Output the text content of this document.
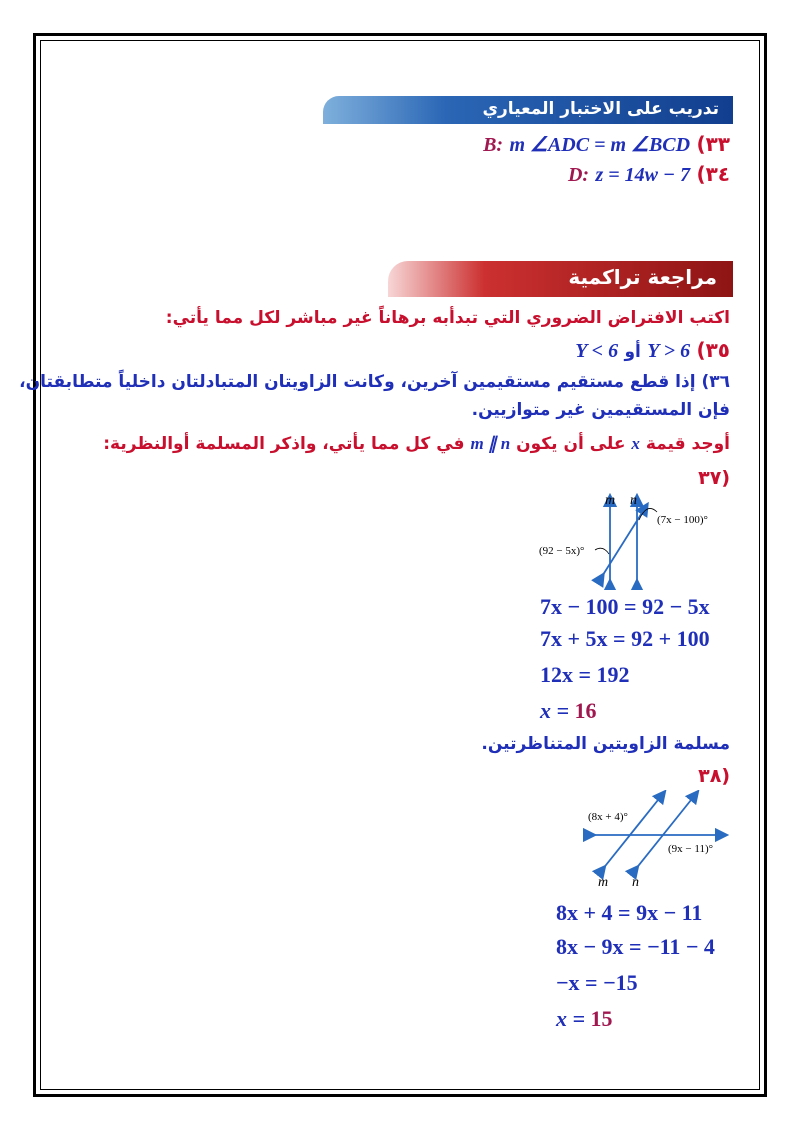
تدريب على الاختبار المعياري
٣٣) B: m ∠ADC = m ∠BCD
٣٤) D: z = 14w − 7
مراجعة تراكمية
اكتب الافتراض الضروري التي تبدأبه برهاناً غير مباشر لكل مما يأتي:
٣٥) Y > 6 أو Y < 6
٣٦) إذا قطع مستقيم مستقيمين آخرين، وكانت الزاويتان المتبادلتان داخلياً متطابقتان،
فإن المستقيمين غير متوازيين.
أوجد قيمة x على أن يكون m ∥ n في كل مما يأتي، واذكر المسلمة أوالنظرية:
٣٧)
m n
(7x − 100)°
(92 − 5x)°
7x − 100 = 92 − 5x
7x + 5x = 92 + 100
12x = 192
x = 16
مسلمة الزاويتين المتناظرتين.
٣٨)
(8x + 4)°
(9x − 11)°
m n
8x + 4 = 9x − 11
8x − 9x = −11 − 4
−x = −15
x = 15
